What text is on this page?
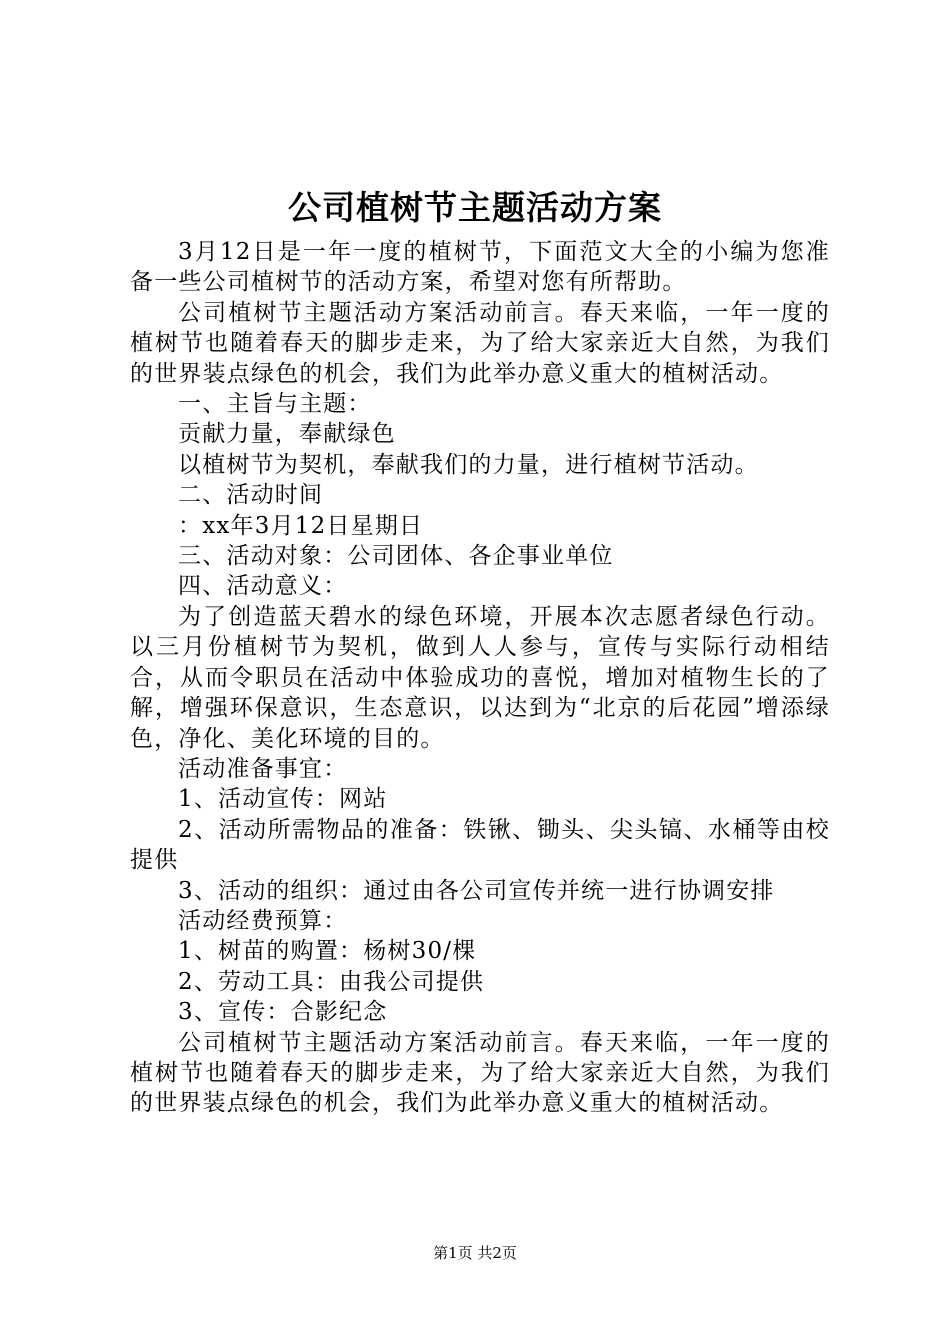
公司植树节主题活动方案

3月12日是一年一度的植树节，下面范文大全的小编为您准备一些公司植树节的活动方案，希望对您有所帮助。

公司植树节主题活动方案活动前言。春天来临，一年一度的植树节也随着春天的脚步走来，为了给大家亲近大自然，为我们的世界装点绿色的机会，我们为此举办意义重大的植树活动。

一、主旨与主题：

贡献力量，奉献绿色

以植树节为契机，奉献我们的力量，进行植树节活动。

二、活动时间

：xx年3月12日星期日

三、活动对象：公司团体、各企事业单位

四、活动意义：

为了创造蓝天碧水的绿色环境，开展本次志愿者绿色行动。以三月份植树节为契机，做到人人参与，宣传与实际行动相结合，从而令职员在活动中体验成功的喜悦，增加对植物生长的了解，增强环保意识，生态意识，以达到为“北京的后花园”增添绿色，净化、美化环境的目的。

活动准备事宜：

1、活动宣传：网站

2、活动所需物品的准备：铁锹、锄头、尖头镐、水桶等由校提供

3、活动的组织：通过由各公司宣传并统一进行协调安排

活动经费预算：

1、树苗的购置：杨树30/棵

2、劳动工具：由我公司提供

3、宣传：合影纪念

公司植树节主题活动方案活动前言。春天来临，一年一度的植树节也随着春天的脚步走来，为了给大家亲近大自然，为我们的世界装点绿色的机会，我们为此举办意义重大的植树活动。

第1页 共2页
